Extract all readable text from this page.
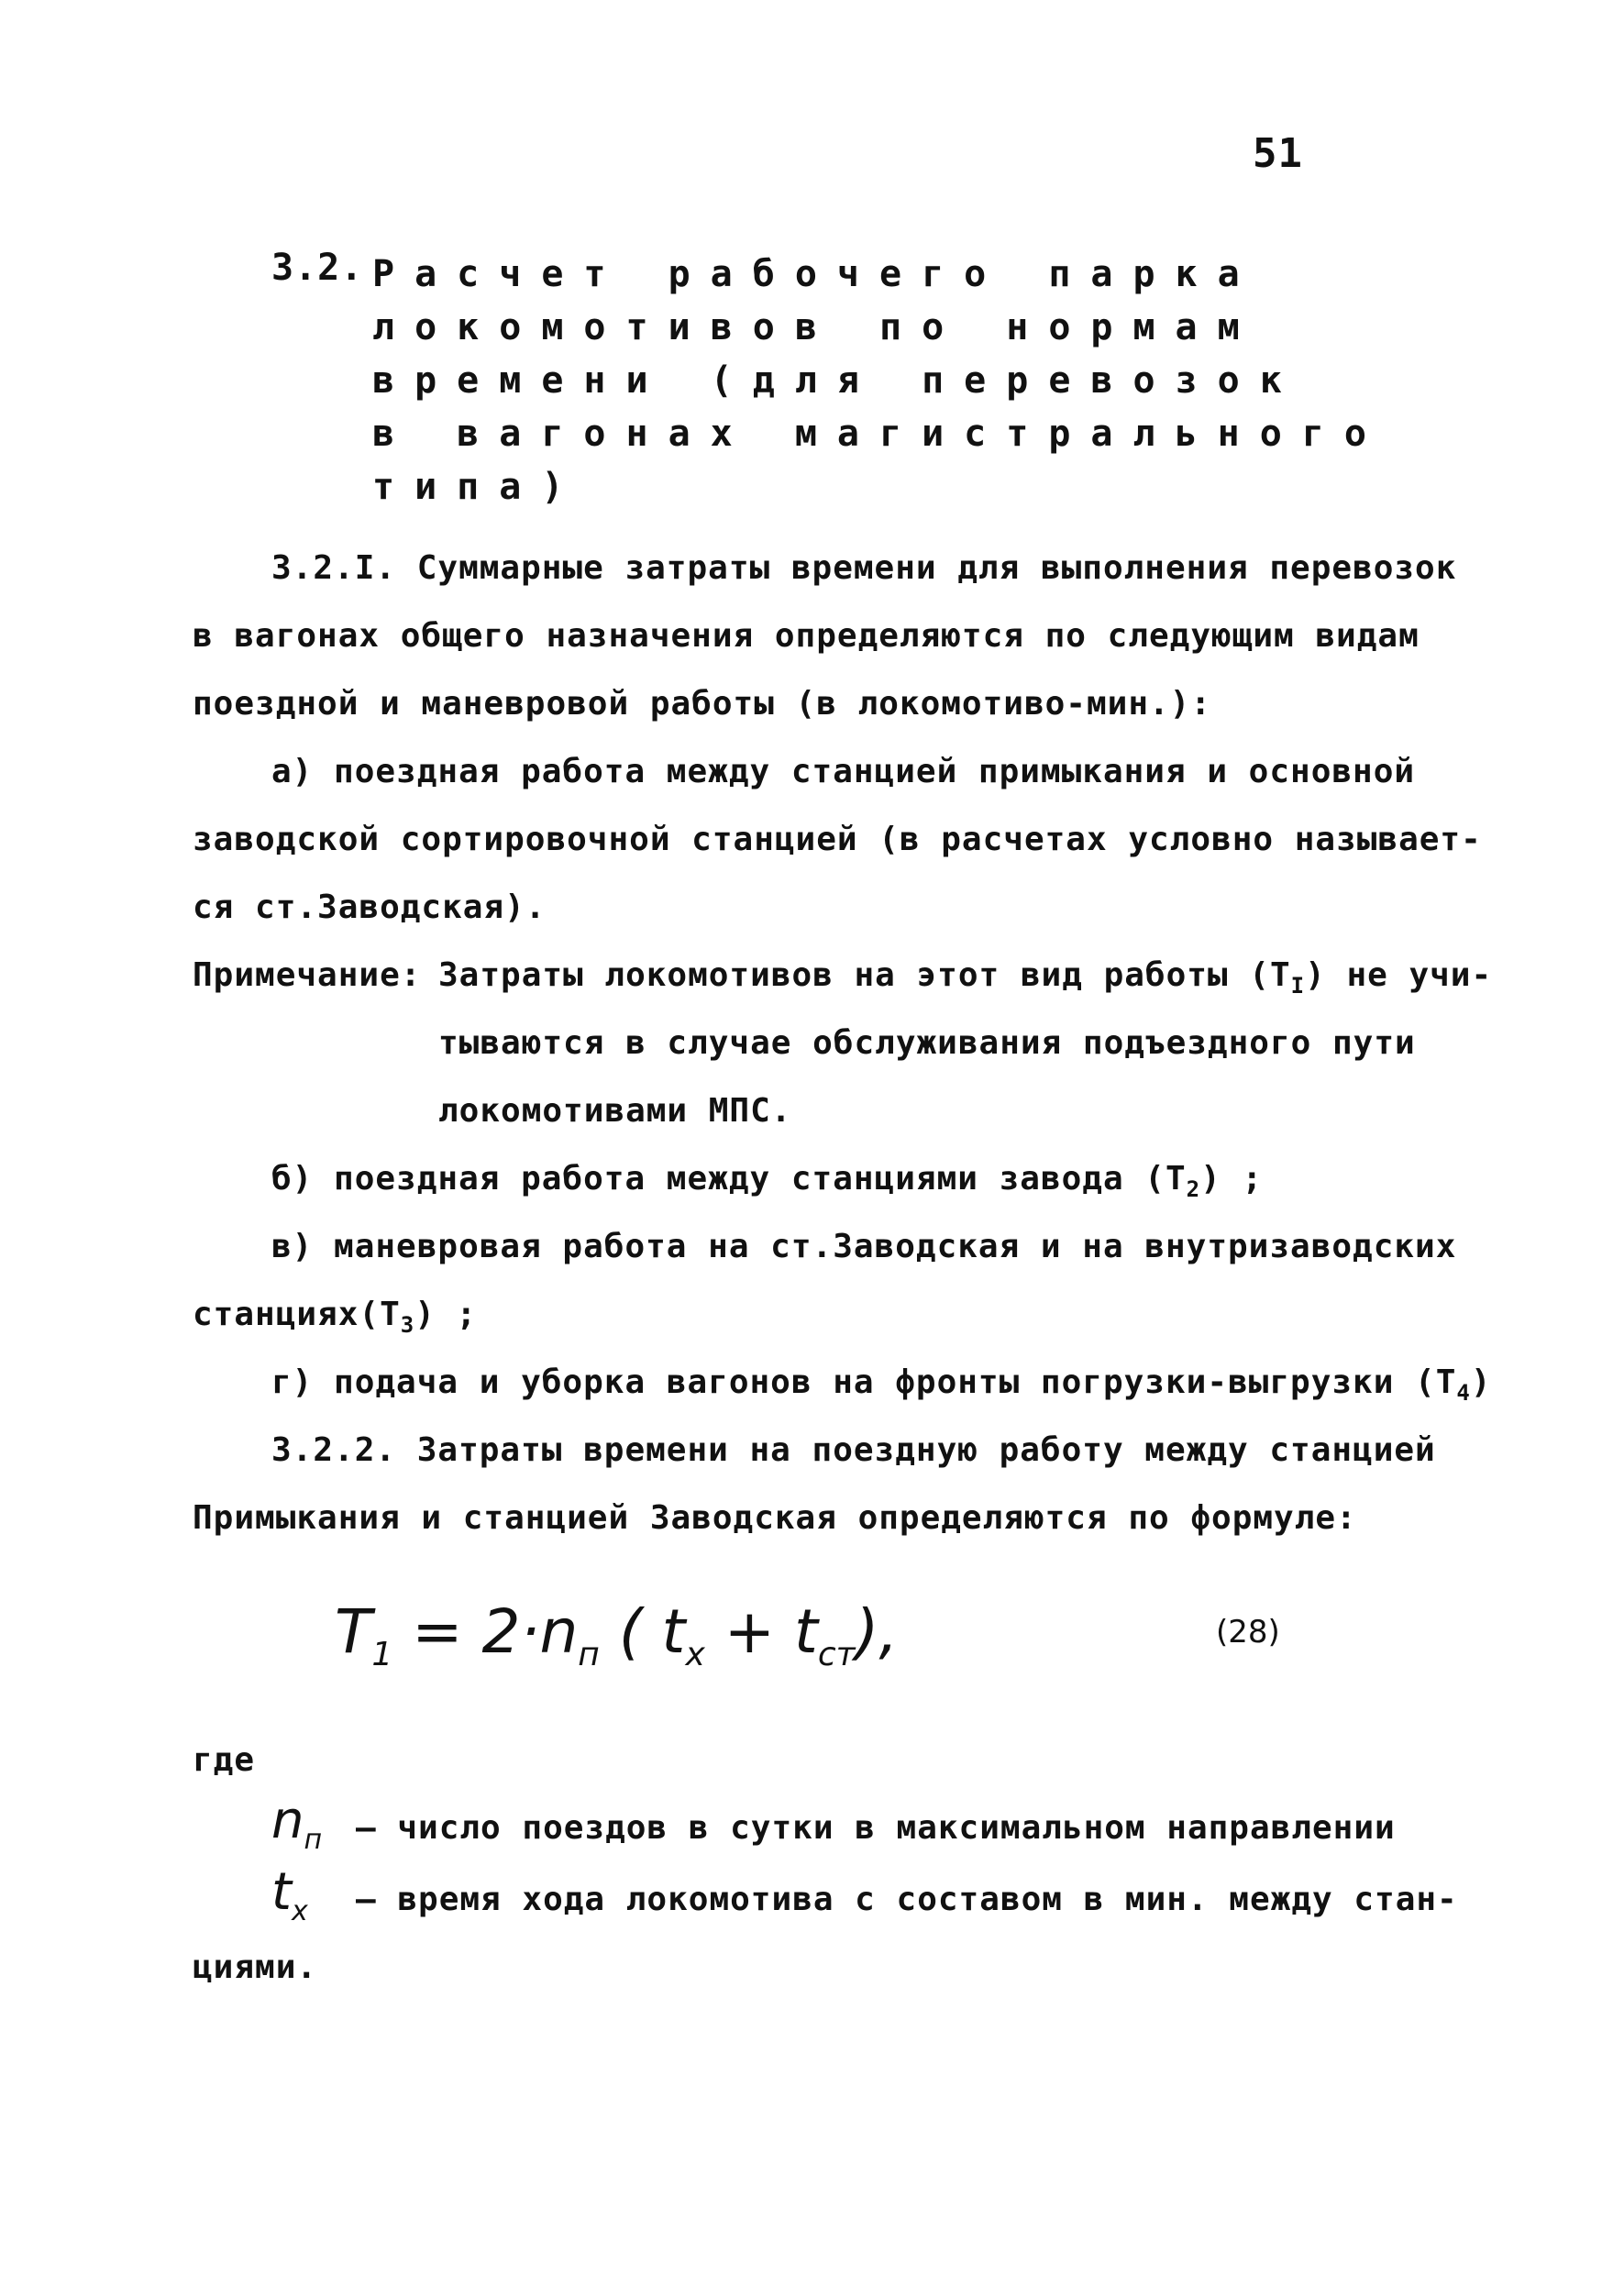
51
3.2. Расчет рабочего парка
локомотивов по нормам
времени (для перевозок
в вагонах магистрального
типа)
3.2.I. Суммарные затраты времени для выполнения перевозок
в вагонах общего назначения определяются по следующим видам
поездной и маневровой работы (в локомотиво-мин.):
а) поездная работа между станцией примыкания и основной
заводской сортировочной станцией (в расчетах условно называет-
ся ст.Заводская).
Примечание: Затраты локомотивов на этот вид работы $(Т_I)$ не учи-
тываются в случае обслуживания подъездного пути
локомотивами МПС.
б) поездная работа между станциями завода $(Т_2)$ ;
в) маневровая работа на ст.Заводская и на внутризаводских
$станциях(Т_3)$ ;
г) подача и уборка вагонов на фронты погрузки-выгрузки $(Т_4)$
3.2.2. Затраты времени на поездную работу между станцией
Примыкания и станцией Заводская определяются по формуле:
$T_1 = 2\cdot n_п$ ( $t_х + t_{ст}$),	(28)
где
$n_п$ – число поездов в сутки в максимальном направлении
$t_х$ – время хода локомотива с составом в мин. между стан-
циями.
